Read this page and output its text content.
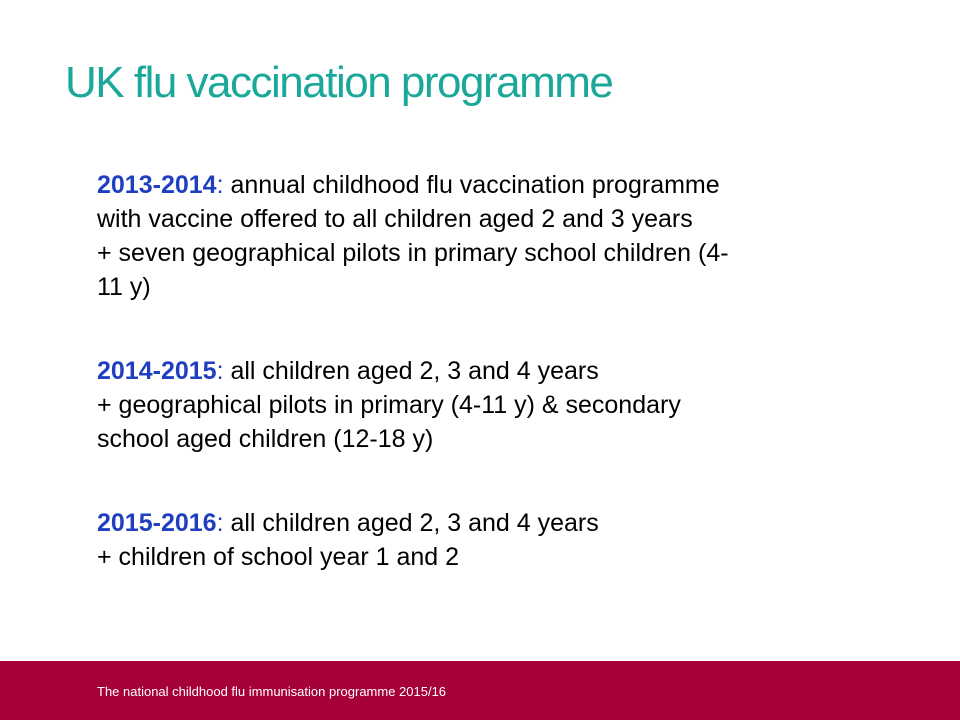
UK flu vaccination programme

2013-2014: annual childhood flu vaccination programme
with vaccine offered to all children aged 2 and 3 years
+ seven geographical pilots in primary school children (4-
11 y)

2014-2015: all children aged 2, 3 and 4 years
+ geographical pilots in primary (4-11 y) & secondary
school aged children (12-18 y)

2015-2016: all children aged 2, 3 and 4 years
+ children of school year 1 and 2

The national childhood flu immunisation programme 2015/16
